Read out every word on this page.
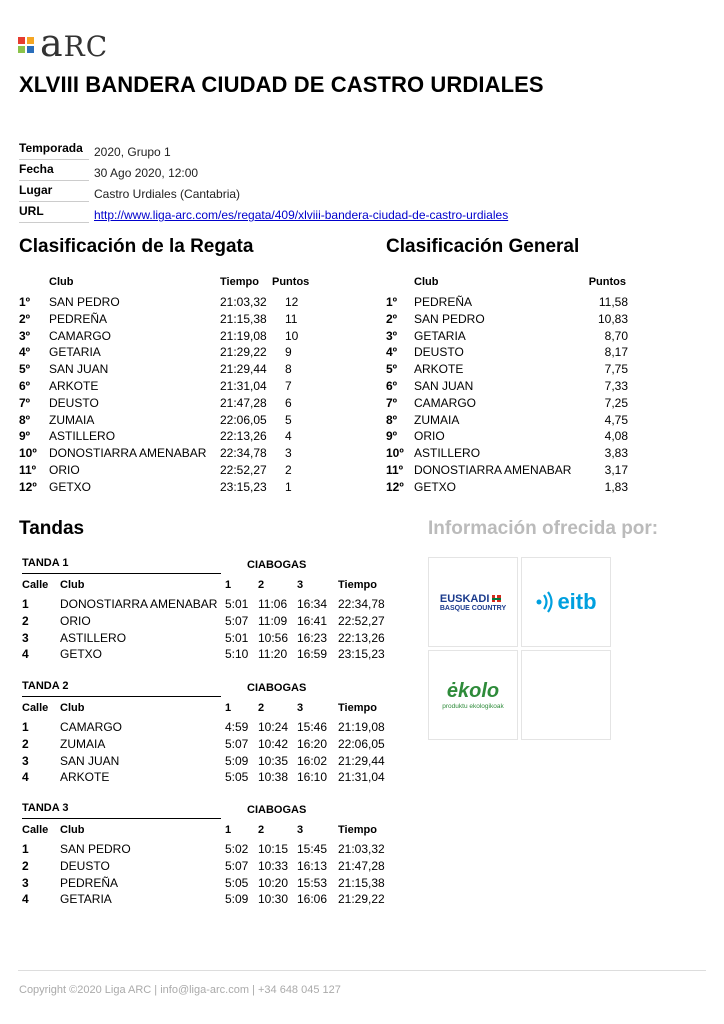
aRC
XLVIII BANDERA CIUDAD DE CASTRO URDIALES
Temporada 2020, Grupo 1
Fecha	30 Ago 2020, 12:00
Lugar	Castro Urdiales (Cantabria)
URL	http://www.liga-arc.com/es/regata/409/xlviii-bandera-ciudad-de-castro-urdiales
Clasificación de la Regata	Clasificación General
Club	Tiempo Puntos
1º SAN PEDRO	21:03,32 12
2º PEDREÑA	21:15,38 11
3º CAMARGO	21:19,08 10
4º GETARIA	21:29,22 9
5º SAN JUAN	21:29,44 8
6º ARKOTE	21:31,04 7
7º DEUSTO	21:47,28 6
8º ZUMAIA	22:06,05 5
9º ASTILLERO	22:13,26 4
10º DONOSTIARRA AMENABAR 22:34,78 3
11º ORIO	22:52,27 2
12º GETXO	23:15,23 1
Club	Puntos
1º PEDREÑA	11,58
2º SAN PEDRO	10,83
3º GETARIA	8,70
4º DEUSTO	8,17
5º ARKOTE	7,75
6º SAN JUAN	7,33
7º CAMARGO	7,25
8º ZUMAIA	4,75
9º ORIO	4,08
10º ASTILLERO	3,83
11º DONOSTIARRA AMENABAR	3,17
12º GETXO	1,83
Tandas
TANDA 1	CIABOGAS
Calle Club	1 2	3	Tiempo
1	DONOSTIARRA AMENABAR 5:01 11:06 16:34 22:34,78
2	ORIO	5:07 11:09 16:41 22:52,27
3	ASTILLERO	5:01 10:56 16:23 22:13,26
4	GETXO	5:10 11:20 16:59 23:15,23
TANDA 2	CIABOGAS
Calle Club	1 2	3	Tiempo
1	CAMARGO	4:59 10:24 15:46 21:19,08
2	ZUMAIA	5:07 10:42 16:20 22:06,05
3	SAN JUAN	5:09 10:35 16:02 21:29,44
4	ARKOTE	5:05 10:38 16:10 21:31,04
TANDA 3	CIABOGAS
Calle Club	1 2	3	Tiempo
1	SAN PEDRO	5:02 10:15 15:45 21:03,32
2	DEUSTO	5:07 10:33 16:13 21:47,28
3	PEDREÑA	5:05 10:20 15:53 21:15,38
4	GETARIA	5:09 10:30 16:06 21:29,22
Información ofrecida por:
EUSKADI
BASQUE COUNTRY eitb
ėkolo
produktu ekologikoak
Copyright ©2020 Liga ARC | info@liga-arc.com | +34 648 045 127
